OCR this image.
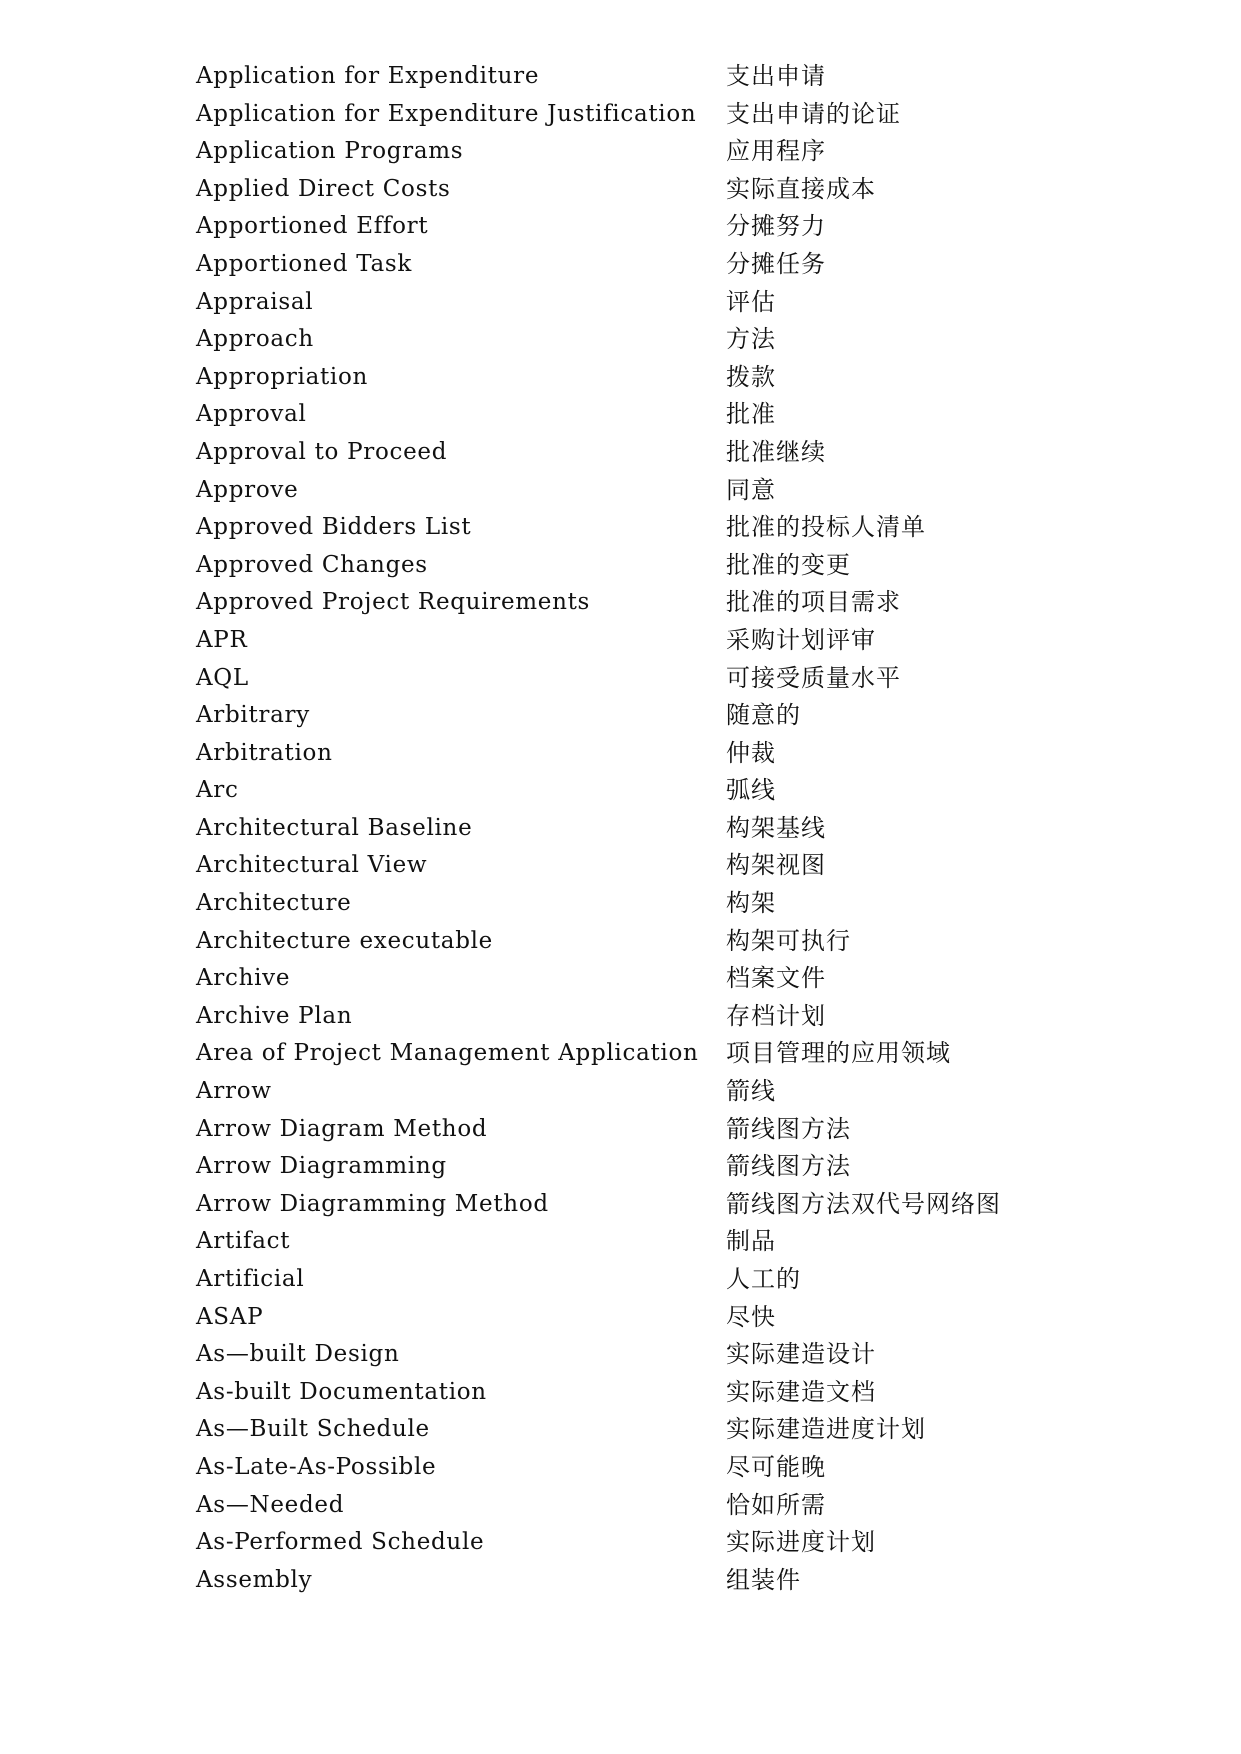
Application for Expenditure	支出申请
Application for Expenditure Justification 支出申请的论证
Application Programs	应用程序
Applied Direct Costs	实际直接成本
Apportioned Effort	分摊努力
Apportioned Task	分摊任务
Appraisal	评估
Approach	方法
Appropriation	拨款
Approval	批准
Approval to Proceed	批准继续
Approve	同意
Approved Bidders List	批准的投标人清单
Approved Changes	批准的变更
Approved Project Requirements	批准的项目需求
APR	采购计划评审
AQL	可接受质量水平
Arbitrary	随意的
Arbitration	仲裁
Arc	弧线
Architectural Baseline	构架基线
Architectural View	构架视图
Architecture	构架
Architecture executable	构架可执行
Archive	档案文件
Archive Plan	存档计划
Area of Project Management Application 项目管理的应用领域
Arrow	箭线
Arrow Diagram Method	箭线图方法
Arrow Diagramming	箭线图方法
Arrow Diagramming Method	箭线图方法双代号网络图
Artifact	制品
Artificial	人工的
ASAP	尽快
As—built Design	实际建造设计
As-built Documentation	实际建造文档
As—Built Schedule	实际建造进度计划
As-Late-As-Possible	尽可能晚
As—Needed	恰如所需
As-Performed Schedule	实际进度计划
Assembly	组装件
